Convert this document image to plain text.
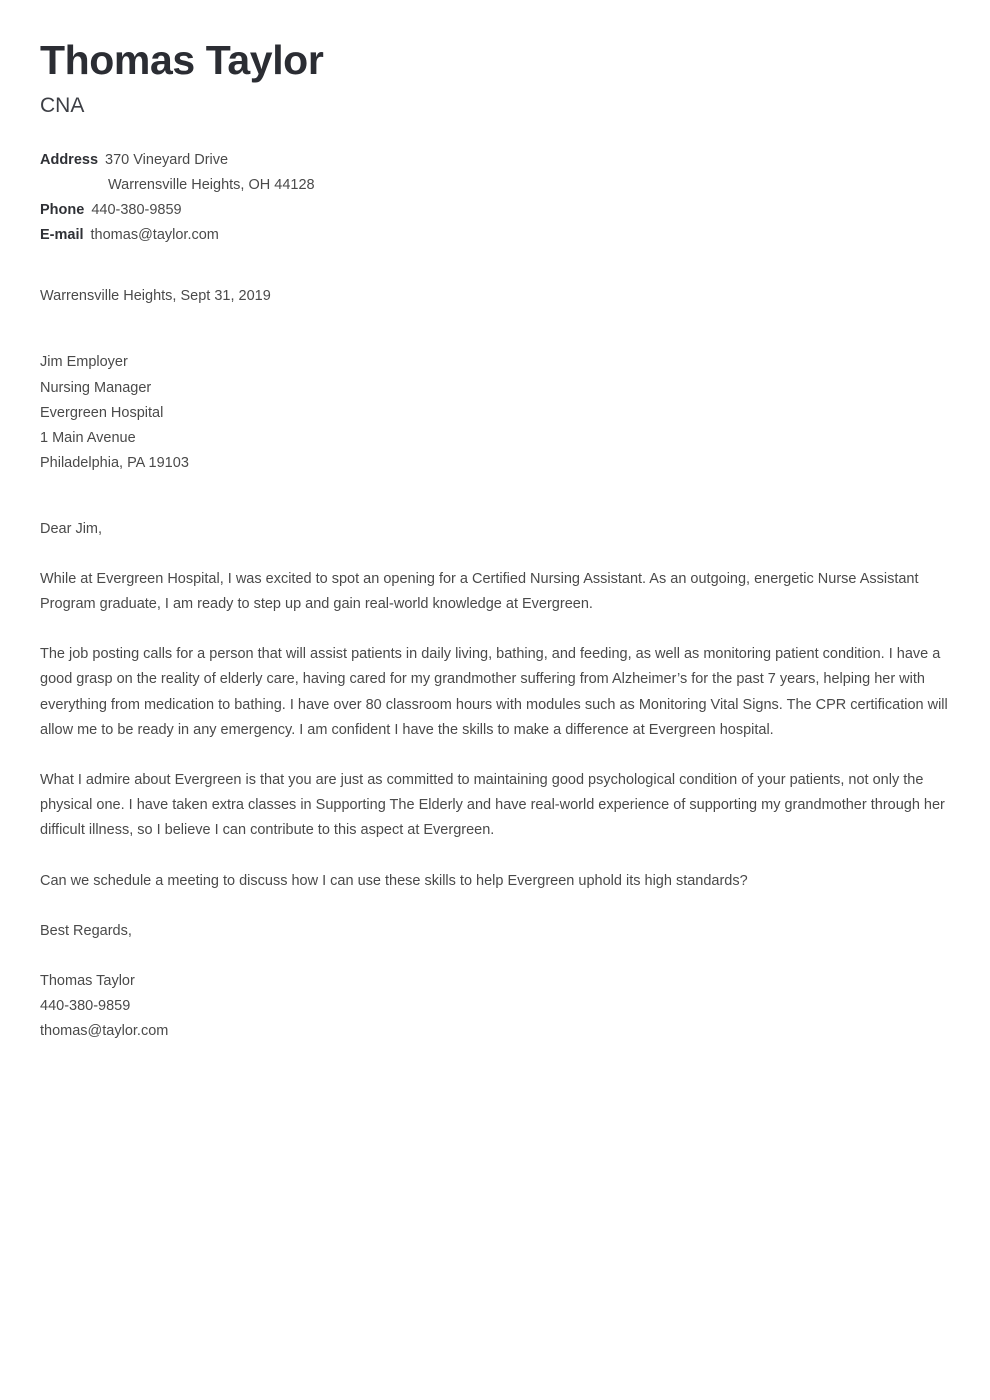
Thomas Taylor
CNA
Address 370 Vineyard Drive
Warrensville Heights, OH 44128
Phone 440-380-9859
E-mail thomas@taylor.com
Warrensville Heights, Sept 31, 2019
Jim Employer
Nursing Manager
Evergreen Hospital
1 Main Avenue
Philadelphia, PA 19103
Dear Jim,

While at Evergreen Hospital, I was excited to spot an opening for a Certified Nursing Assistant. As an outgoing, energetic Nurse Assistant Program graduate, I am ready to step up and gain real-world knowledge at Evergreen.

The job posting calls for a person that will assist patients in daily living, bathing, and feeding, as well as monitoring patient condition. I have a good grasp on the reality of elderly care, having cared for my grandmother suffering from Alzheimer’s for the past 7 years, helping her with everything from medication to bathing. I have over 80 classroom hours with modules such as Monitoring Vital Signs. The CPR certification will allow me to be ready in any emergency. I am confident I have the skills to make a difference at Evergreen hospital.

What I admire about Evergreen is that you are just as committed to maintaining good psychological condition of your patients, not only the physical one. I have taken extra classes in Supporting The Elderly and have real-world experience of supporting my grandmother through her difficult illness, so I believe I can contribute to this aspect at Evergreen.

Can we schedule a meeting to discuss how I can use these skills to help Evergreen uphold its high standards?

Best Regards,
Thomas Taylor
440-380-9859
thomas@taylor.com
